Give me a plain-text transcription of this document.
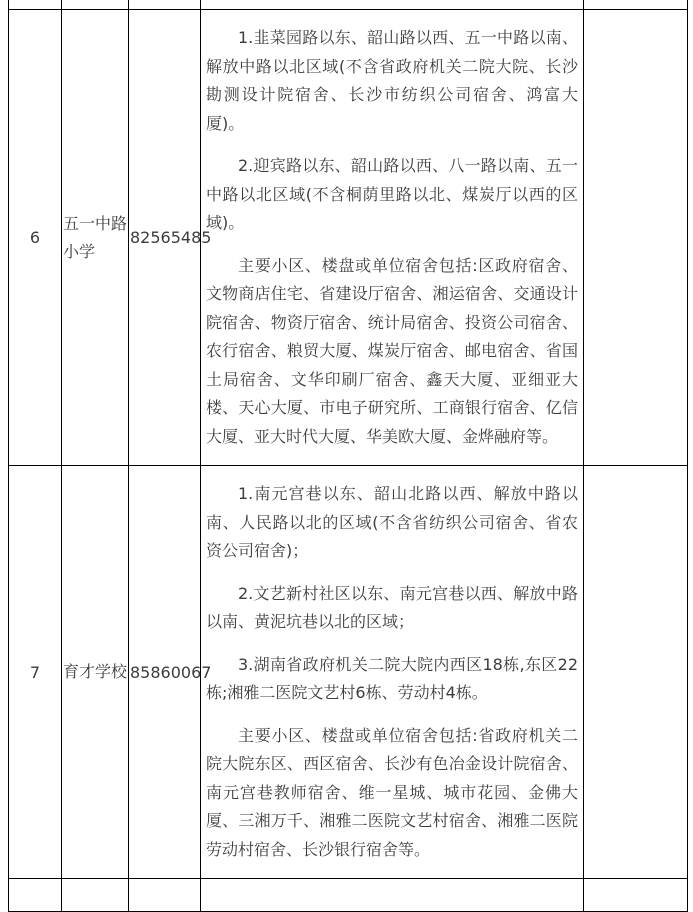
6	五一中路小学	82565485	1.韭菜园路以东、韶山路以西、五一中路以南、解放中路以北区域(不含省政府机关二院大院、长沙勘测设计院宿舍、长沙市纺织公司宿舍、鸿富大厦)。

2.迎宾路以东、韶山路以西、八一路以南、五一中路以北区域(不含桐荫里路以北、煤炭厅以西的区域)。

主要小区、楼盘或单位宿舍包括:区政府宿舍、文物商店住宅、省建设厅宿舍、湘运宿舍、交通设计院宿舍、物资厅宿舍、统计局宿舍、投资公司宿舍、农行宿舍、粮贸大厦、煤炭厅宿舍、邮电宿舍、省国土局宿舍、文华印刷厂宿舍、鑫天大厦、亚细亚大楼、天心大厦、市电子研究所、工商银行宿舍、亿信大厦、亚大时代大厦、华美欧大厦、金烨融府等。	

7	育才学校	85860067	1.南元宫巷以东、韶山北路以西、解放中路以南、人民路以北的区域(不含省纺织公司宿舍、省农资公司宿舍)；

2.文艺新村社区以东、南元宫巷以西、解放中路以南、黄泥坑巷以北的区域；

3.湖南省政府机关二院大院内西区18栋,东区22栋;湘雅二医院文艺村6栋、劳动村4栋。

主要小区、楼盘或单位宿舍包括:省政府机关二院大院东区、西区宿舍、长沙有色冶金设计院宿舍、南元宫巷教师宿舍、维一星城、城市花园、金佛大厦、三湘万千、湘雅二医院文艺村宿舍、湘雅二医院劳动村宿舍、长沙银行宿舍等。	
